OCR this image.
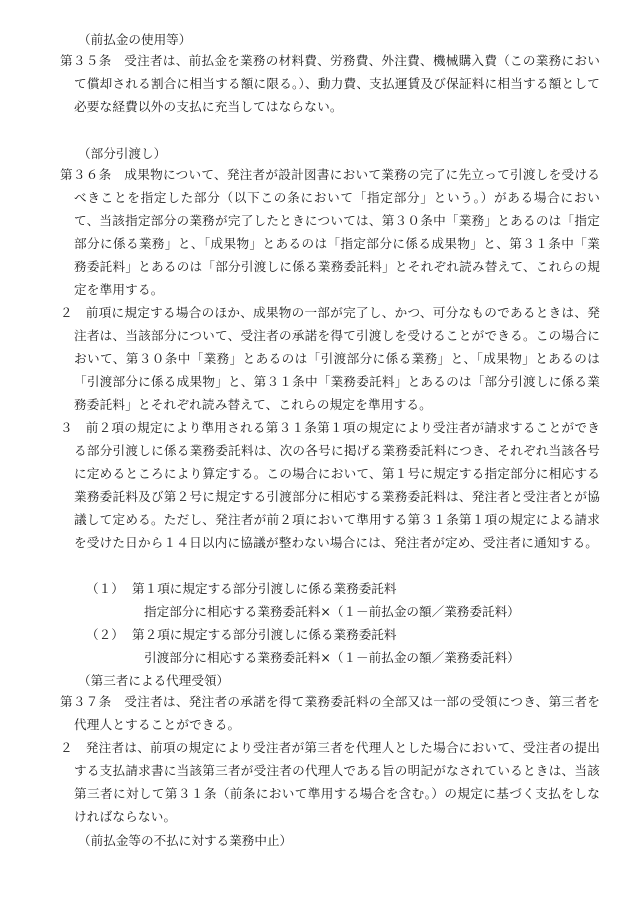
（前払金の使用等）
第３５条　受注者は、前払金を業務の材料費、労務費、外注費、機械購入費（この業務において償却される割合に相当する額に限る。）、動力費、支払運賃及び保証料に相当する額として必要な経費以外の支払に充当してはならない。
（部分引渡し）
第３６条　成果物について、発注者が設計図書において業務の完了に先立って引渡しを受けるべきことを指定した部分（以下この条において「指定部分」という。）がある場合において、当該指定部分の業務が完了したときについては、第３０条中「業務」とあるのは「指定部分に係る業務」と、「成果物」とあるのは「指定部分に係る成果物」と、第３１条中「業務委託料」とあるのは「部分引渡しに係る業務委託料」とそれぞれ読み替えて、これらの規定を準用する。
２　前項に規定する場合のほか、成果物の一部が完了し、かつ、可分なものであるときは、発注者は、当該部分について、受注者の承諾を得て引渡しを受けることができる。この場合において、第３０条中「業務」とあるのは「引渡部分に係る業務」と、「成果物」とあるのは「引渡部分に係る成果物」と、第３１条中「業務委託料」とあるのは「部分引渡しに係る業務委託料」とそれぞれ読み替えて、これらの規定を準用する。
３　前２項の規定により準用される第３１条第１項の規定により受注者が請求することができる部分引渡しに係る業務委託料は、次の各号に掲げる業務委託料につき、それぞれ当該各号に定めるところにより算定する。この場合において、第１号に規定する指定部分に相応する業務委託料及び第２号に規定する引渡部分に相応する業務委託料は、発注者と受注者とが協議して定める。ただし、発注者が前２項において準用する第３１条第１項の規定による請求を受けた日から１４日以内に協議が整わない場合には、発注者が定め、受注者に通知する。
（１） 第１項に規定する部分引渡しに係る業務委託料
指定部分に相応する業務委託料×（１－前払金の額／業務委託料）
（２） 第２項に規定する部分引渡しに係る業務委託料
引渡部分に相応する業務委託料×（１－前払金の額／業務委託料）
（第三者による代理受領）
第３７条　受注者は、発注者の承諾を得て業務委託料の全部又は一部の受領につき、第三者を代理人とすることができる。
２　発注者は、前項の規定により受注者が第三者を代理人とした場合において、受注者の提出する支払請求書に当該第三者が受注者の代理人である旨の明記がなされているときは、当該第三者に対して第３１条（前条において準用する場合を含む。）の規定に基づく支払をしなければならない。
（前払金等の不払に対する業務中止）
